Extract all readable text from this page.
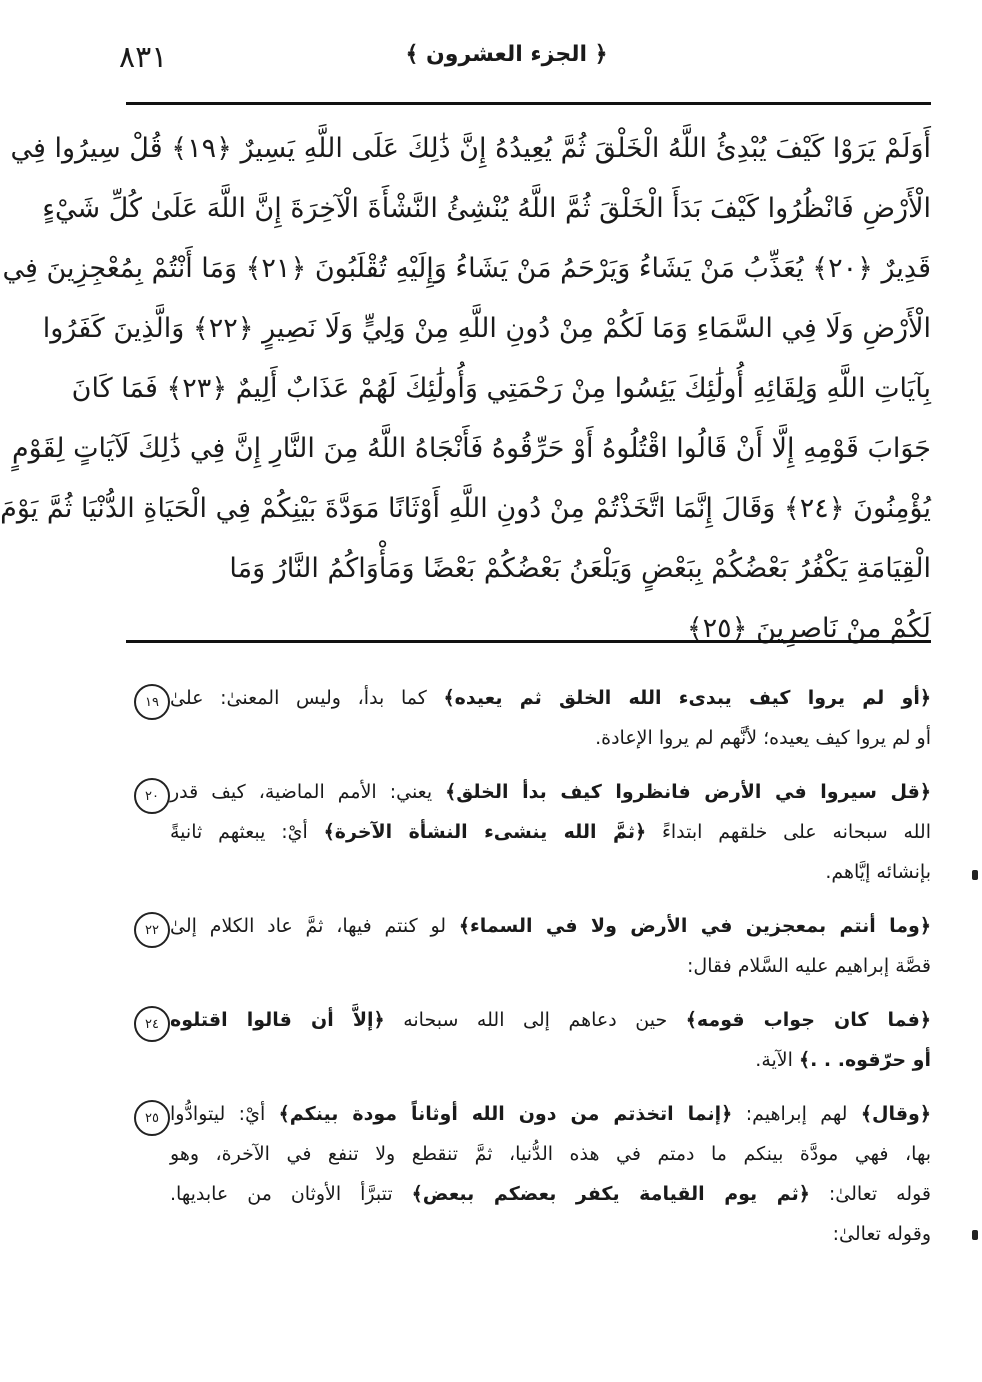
٨٣١	﴿ الجزء العشرون ﴾
أَوَلَمْ يَرَوْا كَيْفَ يُبْدِئُ اللَّهُ الْخَلْقَ ثُمَّ يُعِيدُهُ إِنَّ ذَٰلِكَ عَلَى اللَّهِ يَسِيرٌ ﴿١٩﴾ قُلْ سِيرُوا فِي
الْأَرْضِ فَانْظُرُوا كَيْفَ بَدَأَ الْخَلْقَ ثُمَّ اللَّهُ يُنْشِئُ النَّشْأَةَ الْآخِرَةَ إِنَّ اللَّهَ عَلَىٰ كُلِّ شَيْءٍ
قَدِيرٌ ﴿٢٠﴾ يُعَذِّبُ مَنْ يَشَاءُ وَيَرْحَمُ مَنْ يَشَاءُ وَإِلَيْهِ تُقْلَبُونَ ﴿٢١﴾ وَمَا أَنْتُمْ بِمُعْجِزِينَ فِي
الْأَرْضِ وَلَا فِي السَّمَاءِ وَمَا لَكُمْ مِنْ دُونِ اللَّهِ مِنْ وَلِيٍّ وَلَا نَصِيرٍ ﴿٢٢﴾ وَالَّذِينَ كَفَرُوا
بِآيَاتِ اللَّهِ وَلِقَائِهِ أُولَٰئِكَ يَئِسُوا مِنْ رَحْمَتِي وَأُولَٰئِكَ لَهُمْ عَذَابٌ أَلِيمٌ ﴿٢٣﴾ فَمَا كَانَ
جَوَابَ قَوْمِهِ إِلَّا أَنْ قَالُوا اقْتُلُوهُ أَوْ حَرِّقُوهُ فَأَنْجَاهُ اللَّهُ مِنَ النَّارِ إِنَّ فِي ذَٰلِكَ لَآيَاتٍ لِقَوْمٍ
يُؤْمِنُونَ ﴿٢٤﴾ وَقَالَ إِنَّمَا اتَّخَذْتُمْ مِنْ دُونِ اللَّهِ أَوْثَانًا مَوَدَّةَ بَيْنِكُمْ فِي الْحَيَاةِ الدُّنْيَا ثُمَّ يَوْمَ
الْقِيَامَةِ يَكْفُرُ بَعْضُكُمْ بِبَعْضٍ وَيَلْعَنُ بَعْضُكُمْ بَعْضًا وَمَأْوَاكُمُ النَّارُ وَمَا
لَكُمْ مِنْ نَاصِرِينَ ﴿٢٥﴾
﴿أو لم يروا كيف يبدىء الله الخلق ثم يعيده﴾ كما بدأ، وليس المعنىٰ: علىٰ
أو لم يروا كيف يعيده؛ لأنَّهم لم يروا الإعادة.
١٩
﴿قل سيروا في الأرض فانظروا كيف بدأ الخلق﴾ يعني: الأمم الماضية، كيف قدر
الله سبحانه على خلقهم ابتداءً ﴿ثمَّ الله ينشىء النشأة الآخرة﴾ أيْ: يبعثهم ثانيةً
بإنشائه إيَّاهم.
٢٠
﴿وما أنتم بمعجزين في الأرض ولا في السماء﴾ لو كنتم فيها، ثمَّ عاد الكلام إلىٰ
قصَّة إبراهيم عليه السَّلام فقال:
٢٢
﴿فما كان جواب قومه﴾ حين دعاهم إلى الله سبحانه ﴿إلاَّ أن قالوا اقتلوه
أو حرّقوه. . .﴾ الآية.
٢٤
﴿وقال﴾ لهم إبراهيم: ﴿إنما اتخذتم من دون الله أوثاناً مودة بينكم﴾ أيْ: ليتوادُّوا
بها، فهي مودَّة بينكم ما دمتم في هذه الدُّنيا، ثمَّ تنقطع ولا تنفع في الآخرة، وهو
قوله تعالىٰ: ﴿ثم يوم القيامة يكفر بعضكم ببعض﴾ تتبرَّأ الأوثان من عابديها.
وقوله تعالىٰ:
٢٥
